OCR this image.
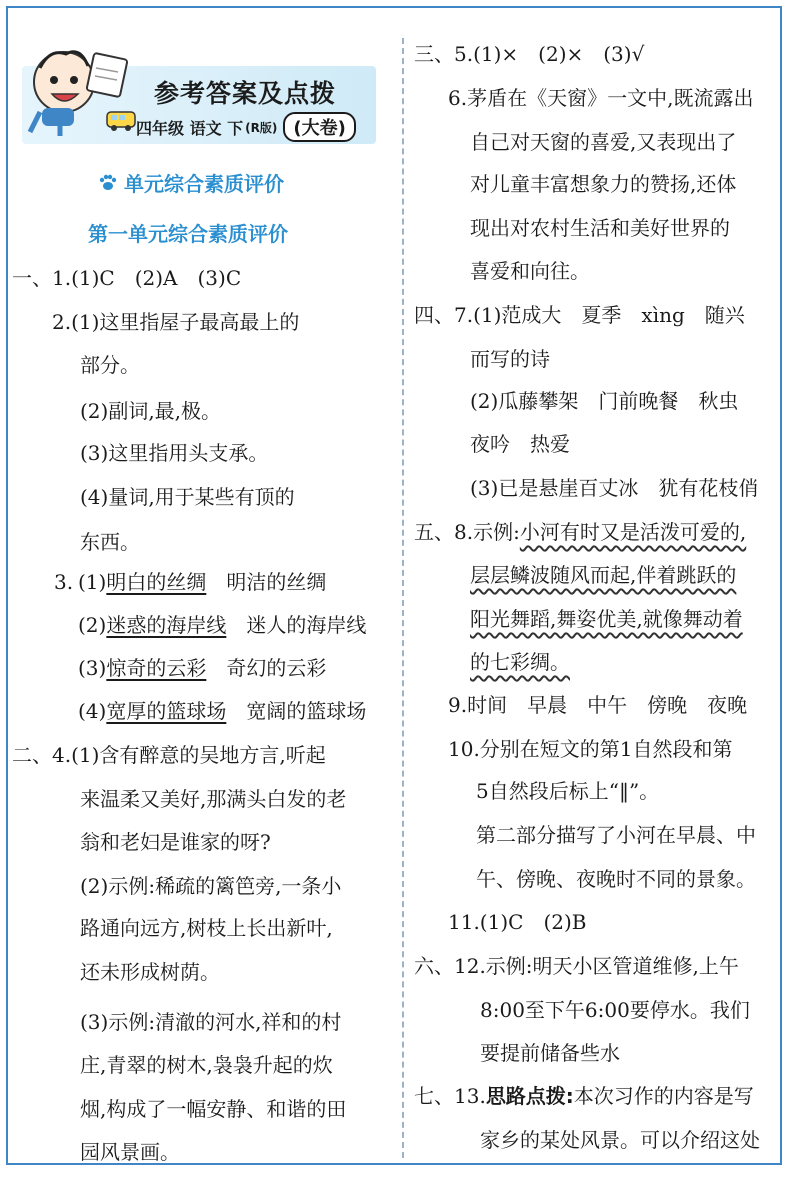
参考答案及点拨
四年级 语文 下 (R版) (大卷)
单元综合素质评价
第一单元综合素质评价
一、1.(1)C　(2)A　(3)C
2.(1)这里指屋子最高最上的
部分。
(2)副词,最,极。
(3)这里指用头支承。
(4)量词,用于某些有顶的
东西。
3. (1)明白的丝绸　 明洁的丝绸
(2)迷惑的海岸线　 迷人的海岸线
(3)惊奇的云彩　 奇幻的云彩
(4)宽厚的篮球场　 宽阔的篮球场
二、4.(1)含有醉意的吴地方言,听起
来温柔又美好,那满头白发的老
翁和老妇是谁家的呀?
(2)示例:稀疏的篱笆旁,一条小
路通向远方,树枝上长出新叶,
还未形成树荫。
(3)示例:清澈的河水,祥和的村
庄,青翠的树木,袅袅升起的炊
烟,构成了一幅安静、和谐的田
园风景画。
三、5.(1)×　(2)×　(3)√
6.茅盾在《天窗》一文中,既流露出
自己对天窗的喜爱,又表现出了
对儿童丰富想象力的赞扬,还体
现出对农村生活和美好世界的
喜爱和向往。
四、7.(1)范成大　夏季　xìng　随兴
而写的诗
(2)瓜藤攀架　门前晚餐　秋虫
夜吟　热爱
(3)已是悬崖百丈冰　犹有花枝俏
五、8.示例:小河有时又是活泼可爱的,
层层鳞波随风而起,伴着跳跃的
阳光舞蹈,舞姿优美,就像舞动着
的七彩绸。
9.时间　早晨　中午　傍晚　夜晚
10.分别在短文的第1自然段和第
5自然段后标上“‖”。
第二部分描写了小河在早晨、中
午、傍晚、夜晚时不同的景象。
11.(1)C　(2)B
六、12.示例:明天小区管道维修,上午
8:00至下午6:00要停水。我们
要提前储备些水
七、13.思路点拨:本次习作的内容是写
家乡的某处风景。可以介绍这处
